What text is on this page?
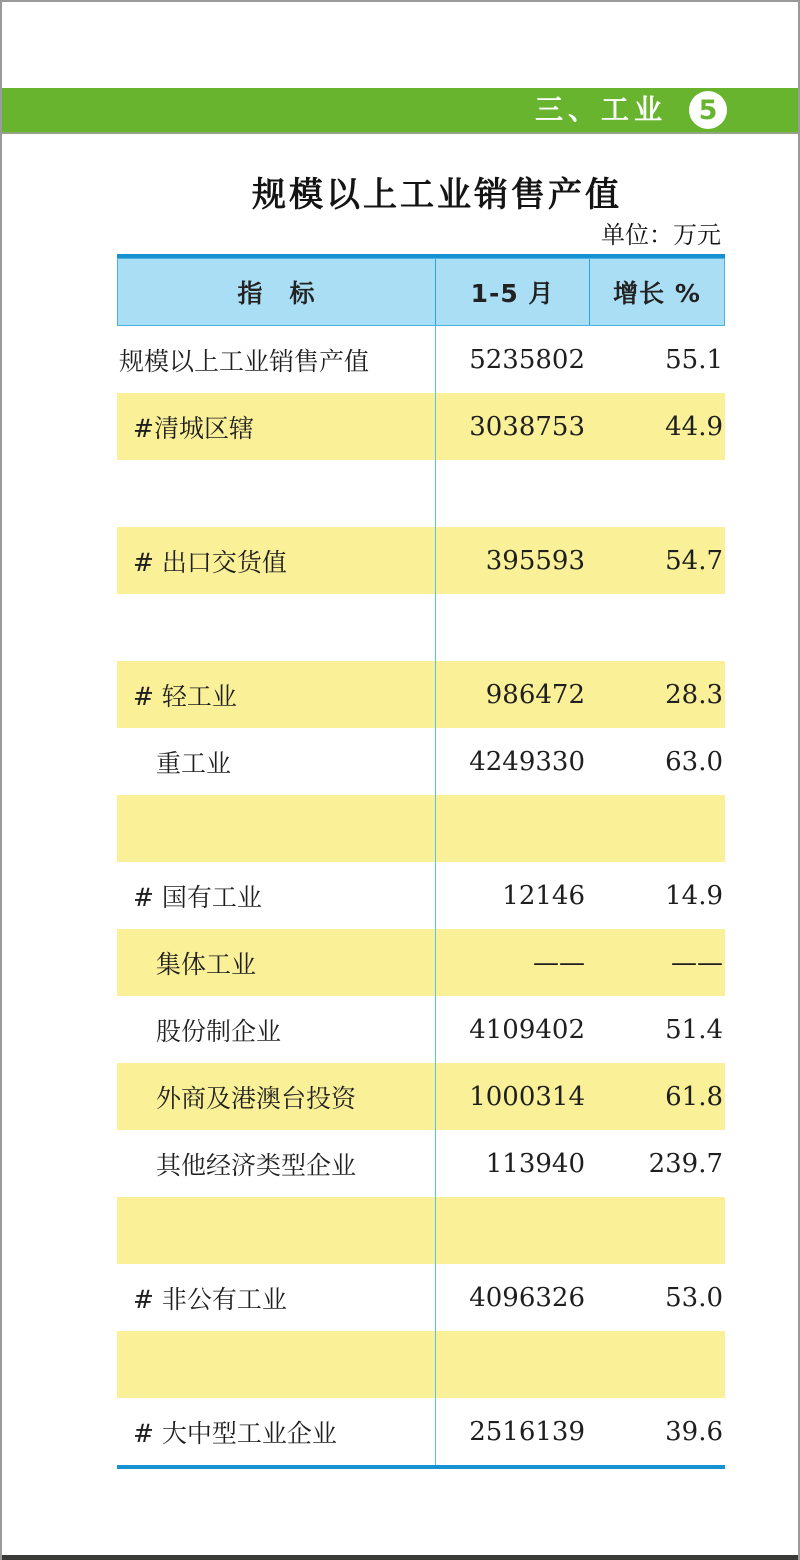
三、工业 5
规模以上工业销售产值
单位：万元
指　标	1-5 月	增长 %
规模以上工业销售产值	5235802	55.1
#清城区辖	3038753	44.9
# 出口交货值	395593	54.7
# 轻工业	986472	28.3
重工业	4249330	63.0
# 国有工业	12146	14.9
集体工业	——	——
股份制企业	4109402	51.4
外商及港澳台投资	1000314	61.8
其他经济类型企业	113940	239.7
# 非公有工业	4096326	53.0
# 大中型工业企业	2516139	39.6
